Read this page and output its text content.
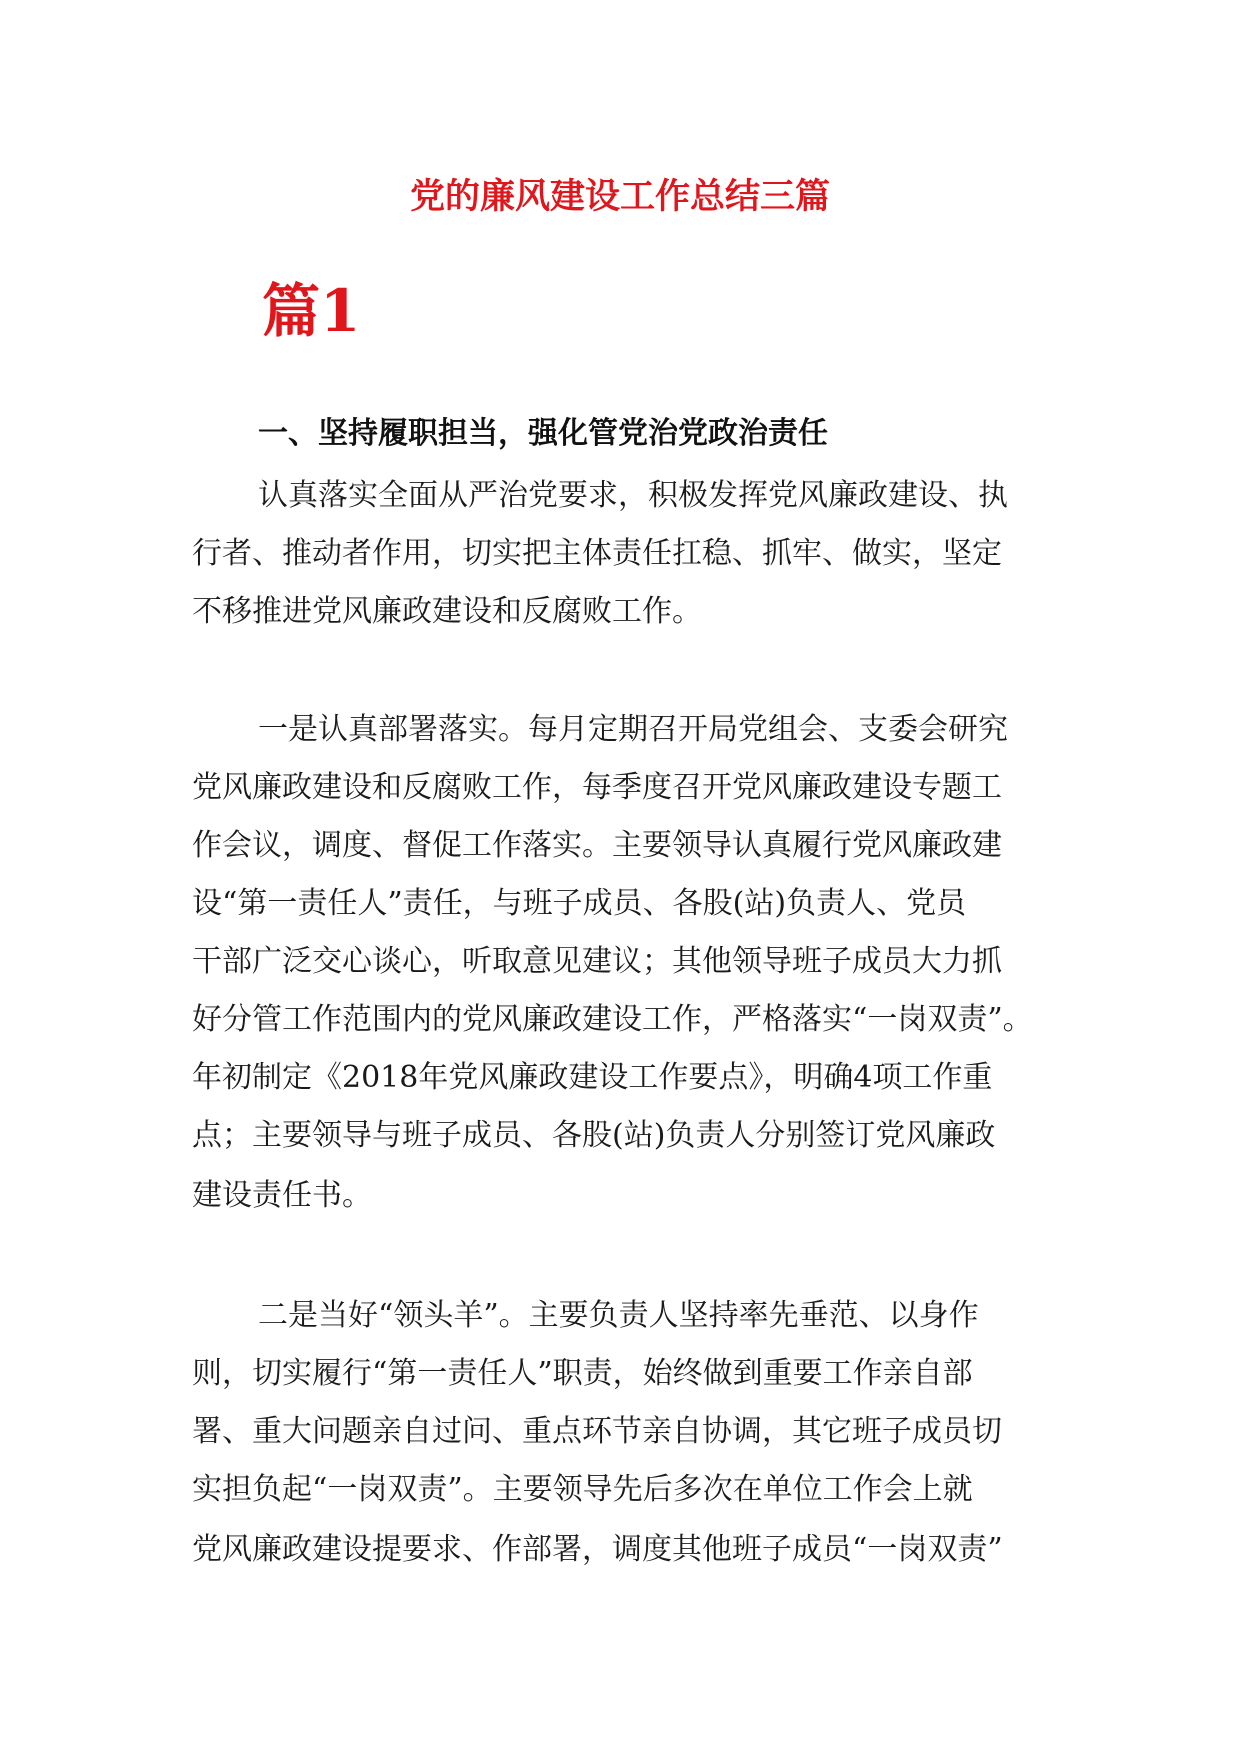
党的廉风建设工作总结三篇
篇1
一、坚持履职担当，强化管党治党政治责任

认真落实全面从严治党要求，积极发挥党风廉政建设、执

行者、推动者作用，切实把主体责任扛稳、抓牢、做实，坚定

不移推进党风廉政建设和反腐败工作。

一是认真部署落实。每月定期召开局党组会、支委会研究

党风廉政建设和反腐败工作，每季度召开党风廉政建设专题工

作会议，调度、督促工作落实。主要领导认真履行党风廉政建

设“第一责任人”责任，与班子成员、各股(站)负责人、党员

干部广泛交心谈心，听取意见建议；其他领导班子成员大力抓

好分管工作范围内的党风廉政建设工作，严格落实“一岗双责”。

年初制定《2018年党风廉政建设工作要点》，明确4项工作重

点；主要领导与班子成员、各股(站)负责人分别签订党风廉政

建设责任书。

二是当好“领头羊”。主要负责人坚持率先垂范、以身作

则，切实履行“第一责任人”职责，始终做到重要工作亲自部

署、重大问题亲自过问、重点环节亲自协调，其它班子成员切

实担负起“一岗双责”。主要领导先后多次在单位工作会上就

党风廉政建设提要求、作部署，调度其他班子成员“一岗双责”
